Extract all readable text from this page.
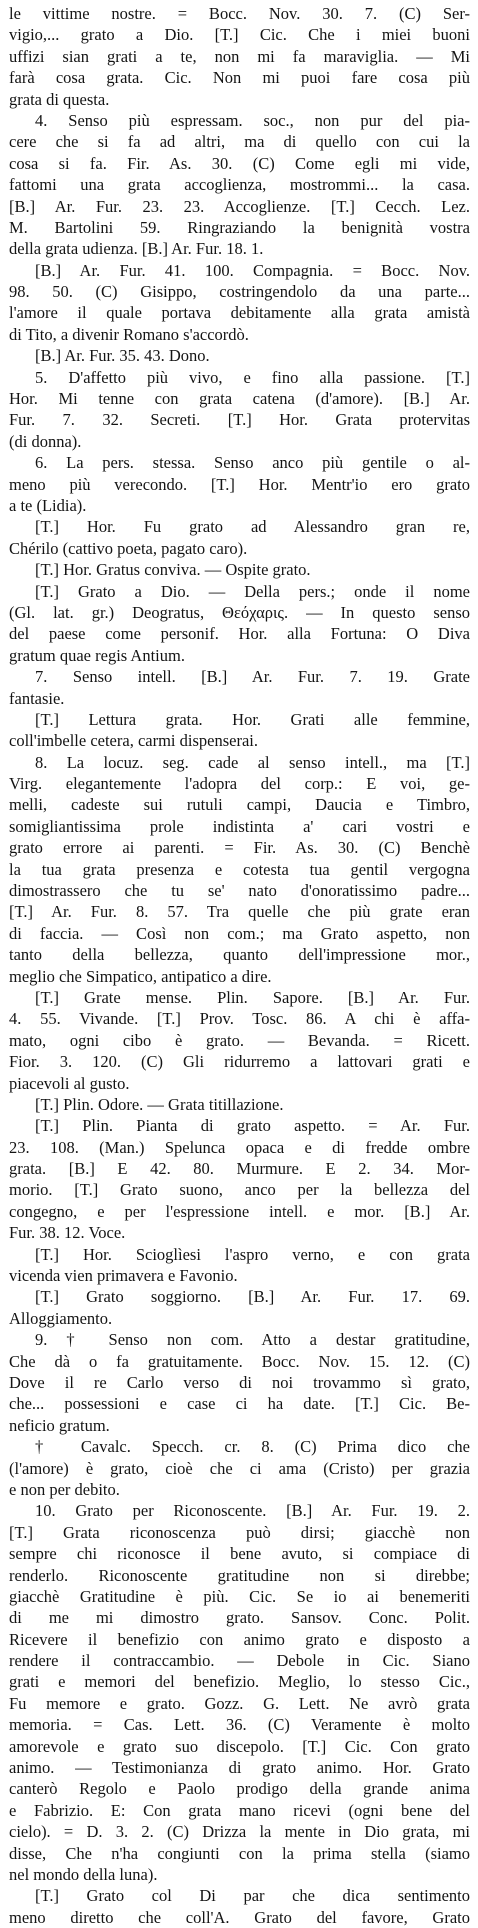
le vittime nostre. = Bocc. Nov. 30. 7. (C) Ser-
vigio,... grato a Dio. [T.] Cic. Che i miei buoni
uffizi sian grati a te, non mi fa maraviglia. — Mi
farà cosa grata. Cic. Non mi puoi fare cosa più
grata di questa.
4. Senso più espressam. soc., non pur del pia-
cere che si fa ad altri, ma di quello con cui la
cosa si fa. Fir. As. 30. (C) Come egli mi vide,
fattomi una grata accoglienza, mostrommi... la casa.
[B.] Ar. Fur. 23. 23. Accoglienze. [T.] Cecch. Lez.
M. Bartolini 59. Ringraziando la benignità vostra
della grata udienza. [B.] Ar. Fur. 18. 1.
[B.] Ar. Fur. 41. 100. Compagnia. = Bocc. Nov.
98. 50. (C) Gisippo, costringendolo da una parte...
l'amore il quale portava debitamente alla grata amistà
di Tito, a divenir Romano s'accordò.
[B.] Ar. Fur. 35. 43. Dono.
5. D'affetto più vivo, e fino alla passione. [T.]
Hor. Mi tenne con grata catena (d'amore). [B.] Ar.
Fur. 7. 32. Secreti. [T.] Hor. Grata protervitas
(di donna).
6. La pers. stessa. Senso anco più gentile o al-
meno più verecondo. [T.] Hor. Mentr'io ero grato
a te (Lidia).
[T.] Hor. Fu grato ad Alessandro gran re,
Chérilo (cattivo poeta, pagato caro).
[T.] Hor. Gratus conviva. — Ospite grato.
[T.] Grato a Dio. — Della pers.; onde il nome
(Gl. lat. gr.) Deogratus, Θεόχαρις. — In questo senso
del paese come personif. Hor. alla Fortuna: O Diva
gratum quae regis Antium.
7. Senso intell. [B.] Ar. Fur. 7. 19. Grate
fantasie.
[T.] Lettura grata. Hor. Grati alle femmine,
coll'imbelle cetera, carmi dispenserai.
8. La locuz. seg. cade al senso intell., ma [T.]
Virg. elegantemente l'adopra del corp.: E voi, ge-
melli, cadeste sui rutuli campi, Daucia e Timbro,
somigliantissima prole indistinta a' cari vostri e
grato errore ai parenti. = Fir. As. 30. (C) Benchè
la tua grata presenza e cotesta tua gentil vergogna
dimostrassero che tu se' nato d'onoratissimo padre...
[T.] Ar. Fur. 8. 57. Tra quelle che più grate eran
di faccia. — Così non com.; ma Grato aspetto, non
tanto della bellezza, quanto dell'impressione mor.,
meglio che Simpatico, antipatico a dire.
[T.] Grate mense. Plin. Sapore. [B.] Ar. Fur.
4. 55. Vivande. [T.] Prov. Tosc. 86. A chi è affa-
mato, ogni cibo è grato. — Bevanda. = Ricett.
Fior. 3. 120. (C) Gli ridurremo a lattovari grati e
piacevoli al gusto.
[T.] Plin. Odore. — Grata titillazione.
[T.] Plin. Pianta di grato aspetto. = Ar. Fur.
23. 108. (Man.) Spelunca opaca e di fredde ombre
grata. [B.] E 42. 80. Murmure. E 2. 34. Mor-
morio. [T.] Grato suono, anco per la bellezza del
congegno, e per l'espressione intell. e mor. [B.] Ar.
Fur. 38. 12. Voce.
[T.] Hor. Scioglìesi l'aspro verno, e con grata
vicenda vien primavera e Favonio.
[T.] Grato soggiorno. [B.] Ar. Fur. 17. 69.
Alloggiamento.
9. † Senso non com. Atto a destar gratitudine,
Che dà o fa gratuitamente. Bocc. Nov. 15. 12. (C)
Dove il re Carlo verso di noi trovammo sì grato,
che... possessioni e case ci ha date. [T.] Cic. Be-
neficio gratum.
† Cavalc. Specch. cr. 8. (C) Prima dico che
(l'amore) è grato, cioè che ci ama (Cristo) per grazia
e non per debito.
10. Grato per Riconoscente. [B.] Ar. Fur. 19. 2.
[T.] Grata riconoscenza può dirsi; giacchè non
sempre chi riconosce il bene avuto, si compiace di
renderlo. Riconoscente gratitudine non si direbbe;
giacchè Gratitudine è più. Cic. Se io ai benemeriti
di me mi dimostro grato. Sansov. Conc. Polit.
Ricevere il benefizio con animo grato e disposto a
rendere il contraccambio. — Debole in Cic. Siano
grati e memori del benefizio. Meglio, lo stesso Cic.,
Fu memore e grato. Gozz. G. Lett. Ne avrò grata
memoria. = Cas. Lett. 36. (C) Veramente è molto
amorevole e grato suo discepolo. [T.] Cic. Con grato
animo. — Testimonianza di grato animo. Hor. Grato
canterò Regolo e Paolo prodigo della grande anima
e Fabrizio. E: Con grata mano ricevi (ogni bene del
cielo). = D. 3. 2. (C) Drizza la mente in Dio grata, mi
disse, Che n'ha congiunti con la prima stella (siamo
nel mondo della luna).
[T.] Grato col Di par che dica sentimento
meno diretto che coll'A. Grato del favore, Grato
